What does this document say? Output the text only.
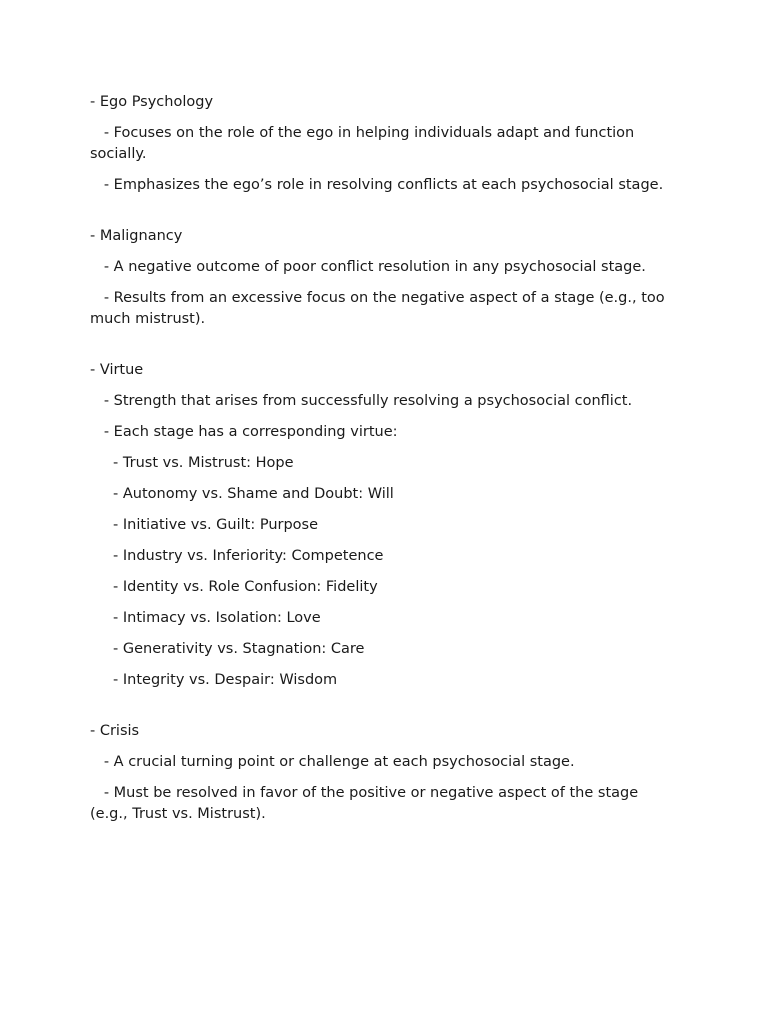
- Ego Psychology

- Focuses on the role of the ego in helping individuals adapt and function socially.

- Emphasizes the ego’s role in resolving conflicts at each psychosocial stage.

- Malignancy

- A negative outcome of poor conflict resolution in any psychosocial stage.

- Results from an excessive focus on the negative aspect of a stage (e.g., too much mistrust).

- Virtue

- Strength that arises from successfully resolving a psychosocial conflict.

- Each stage has a corresponding virtue:

- Trust vs. Mistrust: Hope

- Autonomy vs. Shame and Doubt: Will

- Initiative vs. Guilt: Purpose

- Industry vs. Inferiority: Competence

- Identity vs. Role Confusion: Fidelity

- Intimacy vs. Isolation: Love

- Generativity vs. Stagnation: Care

- Integrity vs. Despair: Wisdom

- Crisis

- A crucial turning point or challenge at each psychosocial stage.

- Must be resolved in favor of the positive or negative aspect of the stage (e.g., Trust vs. Mistrust).
